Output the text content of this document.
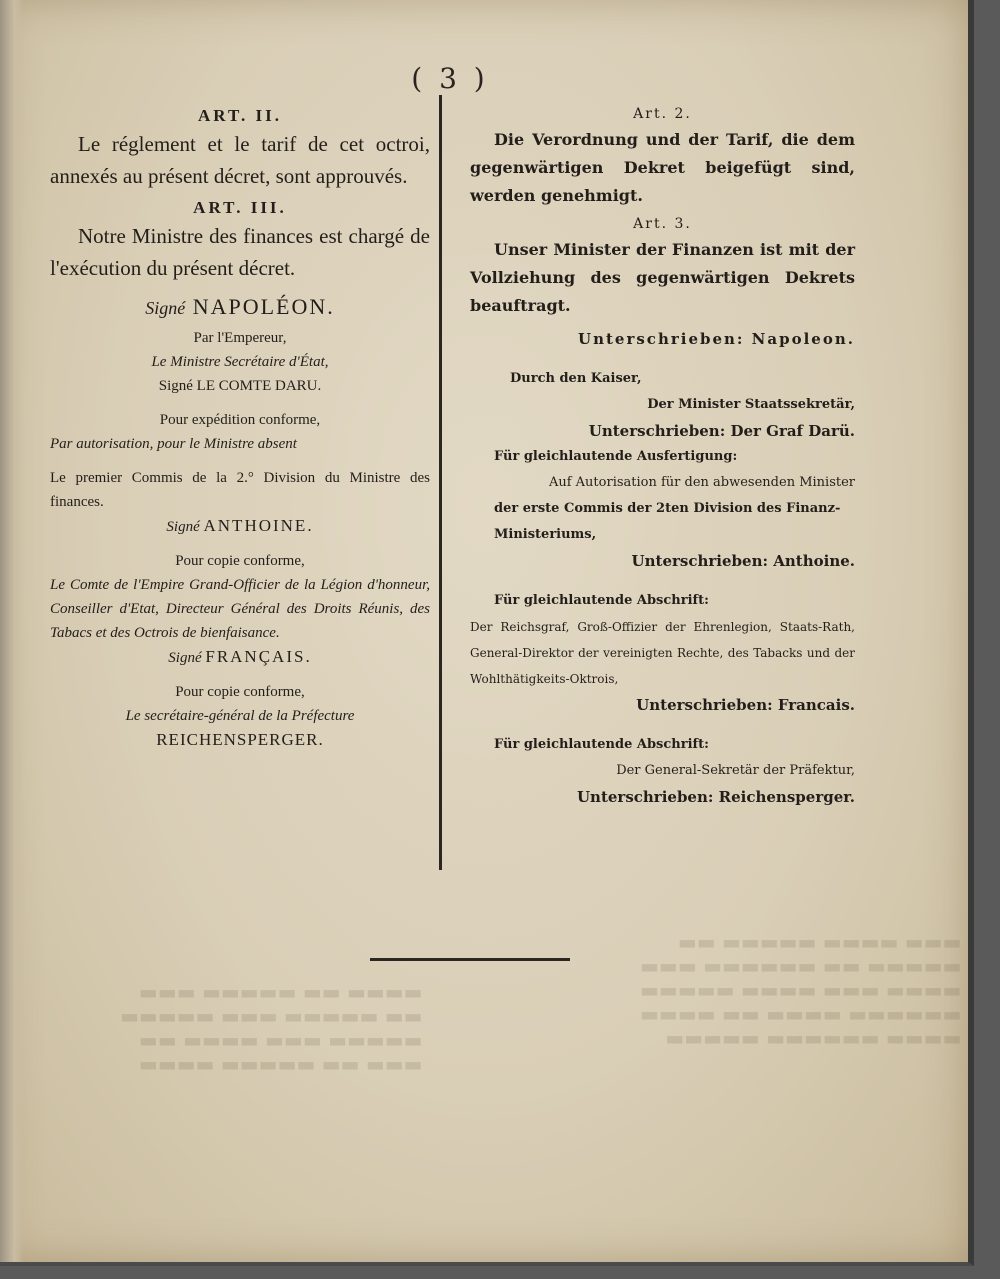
▬▬▬ ▬▬▬▬ ▬▬▬▬▬ ▬▬
▬▬▬▬▬ ▬▬ ▬▬▬▬▬▬ ▬▬▬
▬▬▬▬ ▬▬▬ ▬▬▬▬ ▬▬▬▬▬
▬▬▬▬▬▬ ▬▬▬▬ ▬▬ ▬▬▬▬
▬▬▬▬ ▬▬▬▬▬▬ ▬▬▬▬▬
▬▬▬▬ ▬▬ ▬▬▬▬▬ ▬▬▬
▬▬ ▬▬▬▬▬ ▬▬▬ ▬▬▬▬▬
▬▬▬▬▬ ▬▬▬ ▬▬▬▬ ▬▬
▬▬▬ ▬▬ ▬▬▬▬▬ ▬▬▬▬
( 3 )
ART. II.

Le réglement et le tarif de cet octroi, annexés au présent décret, sont approuvés.

ART. III.

Notre Ministre des finances est chargé de l'exécution du présent décret.

Signé NAPOLÉON.

Par l'Empereur,

Le Ministre Secrétaire d'État,

Signé LE COMTE DARU.

Pour expédition conforme,

Par autorisation, pour le Ministre absent

Le premier Commis de la 2.° Division du Ministre des finances.

Signé ANTHOINE.

Pour copie conforme,

Le Comte de l'Empire Grand-Officier de la Légion d'honneur, Conseiller d'Etat, Directeur Général des Droits Réunis, des Tabacs et des Octrois de bienfaisance.

Signé FRANÇAIS.

Pour copie conforme,

Le secrétaire-général de la Préfecture

REICHENSPERGER.

Art. 2.

Die Verordnung und der Tarif, die dem gegenwärtigen Dekret beigefügt sind, werden genehmigt.

Art. 3.

Unser Minister der Finanzen ist mit der Vollziehung des gegenwärtigen Dekrets beauftragt.

Unterschrieben: Napoleon.

Durch den Kaiser,

Der Minister Staatssekretär,

Unterschrieben: Der Graf Darü.

Für gleichlautende Ausfertigung:

Auf Autorisation für den abwesenden Minister

der erste Commis der 2ten Division des Finanz-Ministeriums,

Unterschrieben: Anthoine.

Für gleichlautende Abschrift:

Der Reichsgraf, Groß-Offizier der Ehrenlegion, Staats-Rath, General-Direktor der vereinigten Rechte, des Tabacks und der Wohlthätigkeits-Oktrois,

Unterschrieben: Francais.

Für gleichlautende Abschrift:

Der General-Sekretär der Präfektur,

Unterschrieben: Reichensperger.
